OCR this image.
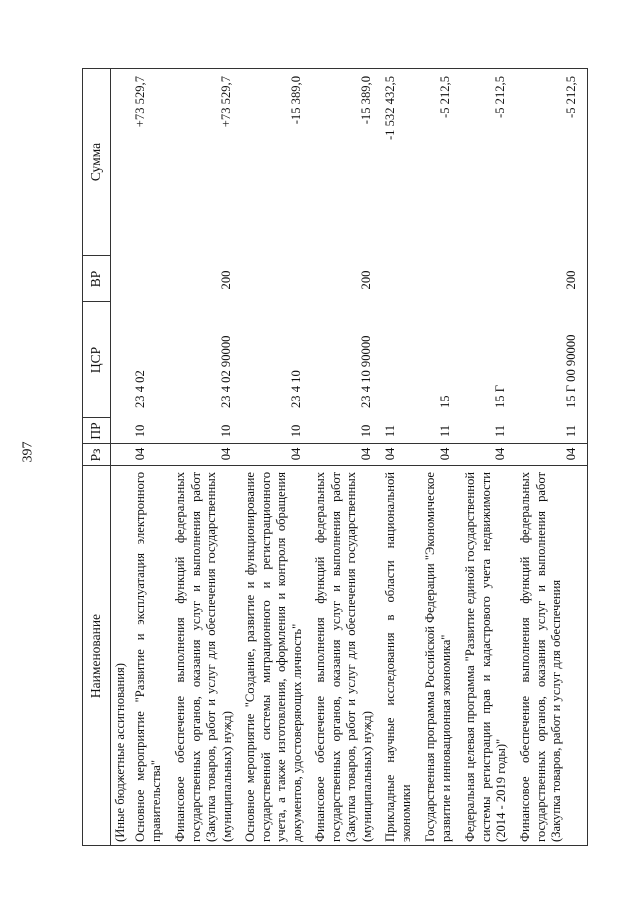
397
Наименование
Рз
ПР
ЦСР
ВР
Сумма
(Иные бюджетные ассигнования) Основное мероприятие "Развитие и эксплуатация электронного правительства"
04
10
23 4 02
+73 529,7
Финансовое обеспечение выполнения функций федеральных государственных органов, оказания услуг и выполнения работ (Закупка товаров, работ и услуг для обеспечения государственных (муниципальных) нужд)
04
10
23 4 02 90000
200
+73 529,7
Основное мероприятие "Создание, развитие и функционирование государственной системы миграционного и регистрационного учета, а также изготовления, оформления и контроля обращения документов, удостоверяющих личность"
04
10
23 4 10
-15 389,0
Финансовое обеспечение выполнения функций федеральных государственных органов, оказания услуг и выполнения работ (Закупка товаров, работ и услуг для обеспечения государственных (муниципальных) нужд)
04
10
23 4 10 90000
200
-15 389,0
Прикладные научные исследования в области национальной экономики
04
11
-1 532 432,5
Государственная программа Российской Федерации "Экономическое развитие и инновационная экономика"
04
11
15
-5 212,5
Федеральная целевая программа "Развитие единой государственной системы регистрации прав и кадастрового учета недвижимости (2014 - 2019 годы)"
04
11
15 Г
-5 212,5
Финансовое обеспечение выполнения функций федеральных государственных органов, оказания услуг и выполнения работ (Закупка товаров, работ и услуг для обеспечения
04
11
15 Г 00 90000
200
-5 212,5
